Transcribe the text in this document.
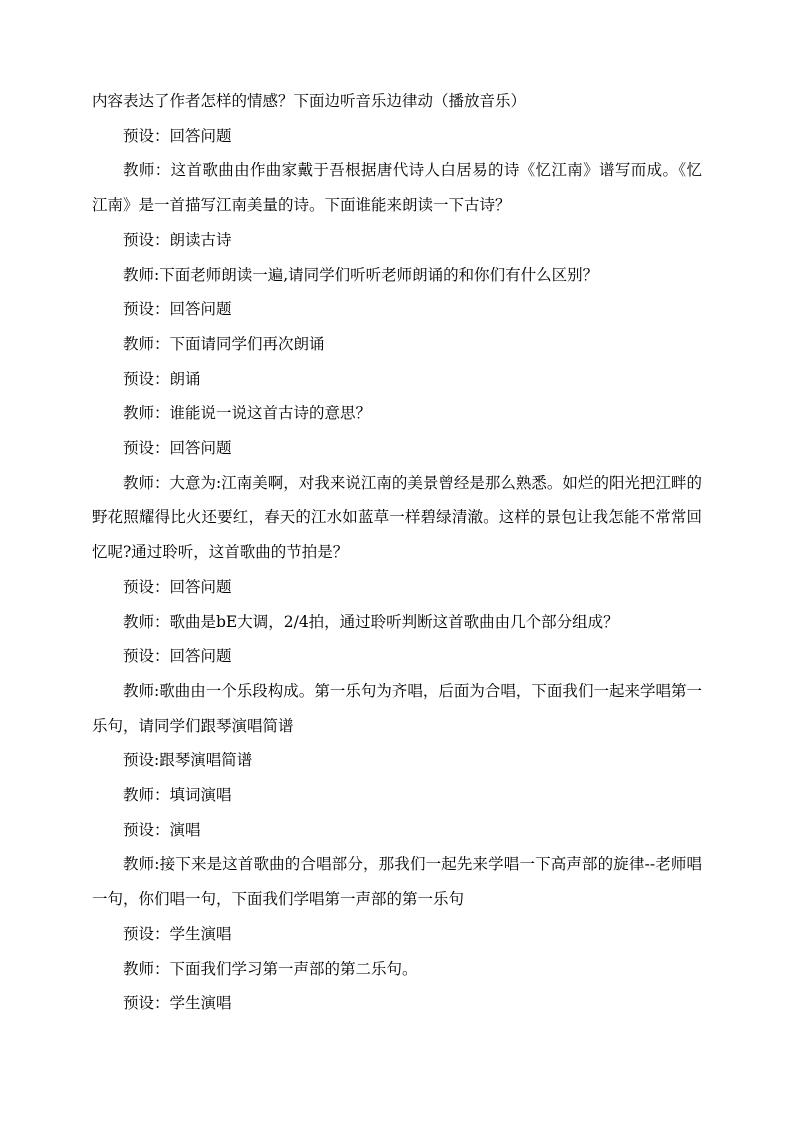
内容表达了作者怎样的情感？下面边听音乐边律动（播放音乐）

预设：回答问题

教师：这首歌曲由作曲家戴于吾根据唐代诗人白居易的诗《忆江南》谱写而成。《忆江南》是一首描写江南美量的诗。下面谁能来朗读一下古诗？

预设：朗读古诗

教师:下面老师朗读一遍,请同学们听听老师朗诵的和你们有什么区别？

预设：回答问题

教师：下面请同学们再次朗诵

预设：朗诵

教师：谁能说一说这首古诗的意思？

预设：回答问题

教师：大意为:江南美啊，对我来说江南的美景曾经是那么熟悉。如烂的阳光把江畔的野花照耀得比火还要红，春天的江水如蓝草一样碧绿清澈。这样的景包让我怎能不常常回忆呢?通过聆听，这首歌曲的节拍是？

预设：回答问题

教师：歌曲是bE大调，2/4拍，通过聆听判断这首歌曲由几个部分组成？

预设：回答问题

教师:歌曲由一个乐段构成。第一乐句为齐唱，后面为合唱，下面我们一起来学唱第一乐句，请同学们跟琴演唱简谱

预设:跟琴演唱简谱

教师：填词演唱

预设：演唱

教师:接下来是这首歌曲的合唱部分，那我们一起先来学唱一下高声部的旋律--老师唱一句，你们唱一句，下面我们学唱第一声部的第一乐句

预设：学生演唱

教师：下面我们学习第一声部的第二乐句。

预设：学生演唱
